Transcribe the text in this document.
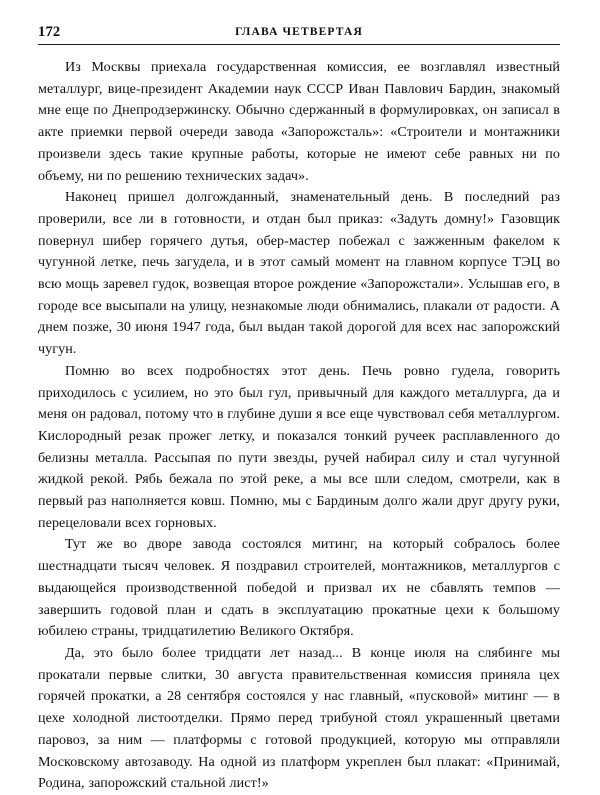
172	ГЛАВА ЧЕТВЕРТАЯ

Из Москвы приехала государственная комиссия, ее возглавлял известный металлург, вице-президент Академии наук СССР Иван Павлович Бардин, знакомый мне еще по Днепродзержинску. Обычно сдержанный в формулировках, он записал в акте приемки первой очереди завода «Запорожсталь»: «Строители и монтажники произвели здесь такие крупные работы, которые не имеют себе равных ни по объему, ни по решению технических задач».

Наконец пришел долгожданный, знаменательный день. В последний раз проверили, все ли в готовности, и отдан был приказ: «Задуть домну!» Газовщик повернул шибер горячего дутья, обер-мастер побежал с зажженным факелом к чугунной летке, печь загудела, и в этот самый момент на главном корпусе ТЭЦ во всю мощь заревел гудок, возвещая второе рождение «Запорожстали». Услышав его, в городе все высыпали на улицу, незнакомые люди обнимались, плакали от радости. А днем позже, 30 июня 1947 года, был выдан такой дорогой для всех нас запорожский чугун.

Помню во всех подробностях этот день. Печь ровно гудела, говорить приходилось с усилием, но это был гул, привычный для каждого металлурга, да и меня он радовал, потому что в глубине души я все еще чувствовал себя металлургом. Кислородный резак прожег летку, и показался тонкий ручеек расплавленного до белизны металла. Рассыпая по пути звезды, ручей набирал силу и стал чугунной жидкой рекой. Рябь бежала по этой реке, а мы все шли следом, смотрели, как в первый раз наполняется ковш. Помню, мы с Бардиным долго жали друг другу руки, перецеловали всех горновых.

Тут же во дворе завода состоялся митинг, на который собралось более шестнадцати тысяч человек. Я поздравил строителей, монтажников, металлургов с выдающейся производственной победой и призвал их не сбавлять темпов — завершить годовой план и сдать в эксплуатацию прокатные цехи к большому юбилею страны, тридцатилетию Великого Октября.

Да, это было более тридцати лет назад... В конце июля на слябинге мы прокатали первые слитки, 30 августа правительственная комиссия приняла цех горячей прокатки, а 28 сентября состоялся у нас главный, «пусковой» митинг — в цехе холодной листоотделки. Прямо перед трибуной стоял украшенный цветами паровоз, за ним — платформы с готовой продукцией, которую мы отправляли Московскому автозаводу. На одной из платформ укреплен был плакат: «Принимай, Родина, запорожский стальной лист!»
